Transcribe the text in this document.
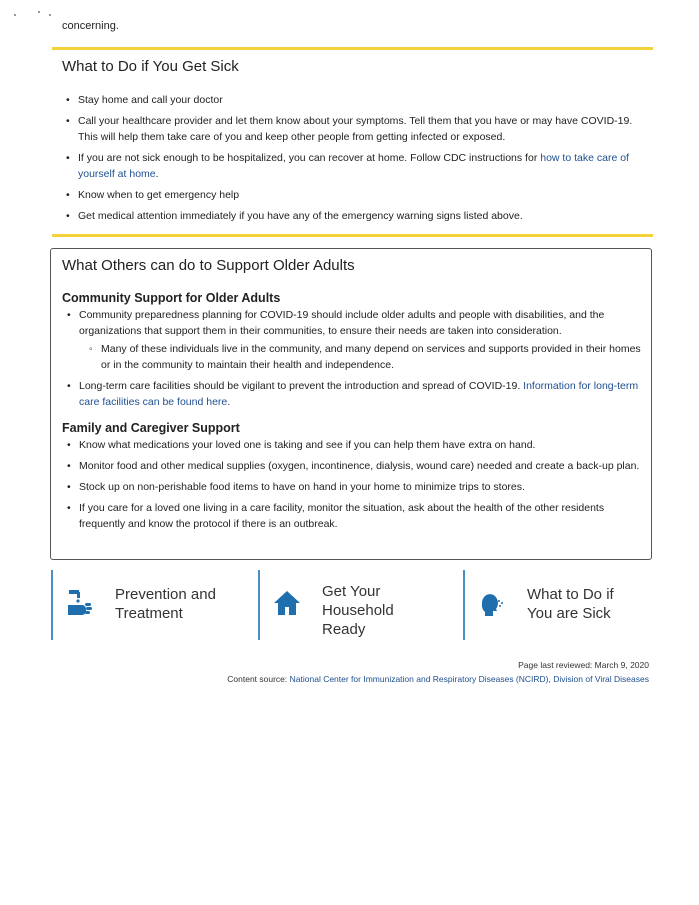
concerning.
What to Do if You Get Sick
• Stay home and call your doctor
• Call your healthcare provider and let them know about your symptoms. Tell them that you have or may have COVID-19. This will help them take care of you and keep other people from getting infected or exposed.
• If you are not sick enough to be hospitalized, you can recover at home. Follow CDC instructions for how to take care of yourself at home.
• Know when to get emergency help
• Get medical attention immediately if you have any of the emergency warning signs listed above.
What Others can do to Support Older Adults
Community Support for Older Adults
• Community preparedness planning for COVID-19 should include older adults and people with disabilities, and the organizations that support them in their communities, to ensure their needs are taken into consideration.
◦ Many of these individuals live in the community, and many depend on services and supports provided in their homes or in the community to maintain their health and independence.
• Long-term care facilities should be vigilant to prevent the introduction and spread of COVID-19. Information for long-term care facilities can be found here.
Family and Caregiver Support
• Know what medications your loved one is taking and see if you can help them have extra on hand.
• Monitor food and other medical supplies (oxygen, incontinence, dialysis, wound care) needed and create a back-up plan.
• Stock up on non-perishable food items to have on hand in your home to minimize trips to stores.
• If you care for a loved one living in a care facility, monitor the situation, ask about the health of the other residents frequently and know the protocol if there is an outbreak.
Prevention and Treatment
Get Your Household Ready
What to Do if You are Sick
Page last reviewed: March 9, 2020
Content source: National Center for Immunization and Respiratory Diseases (NCIRD), Division of Viral Diseases
